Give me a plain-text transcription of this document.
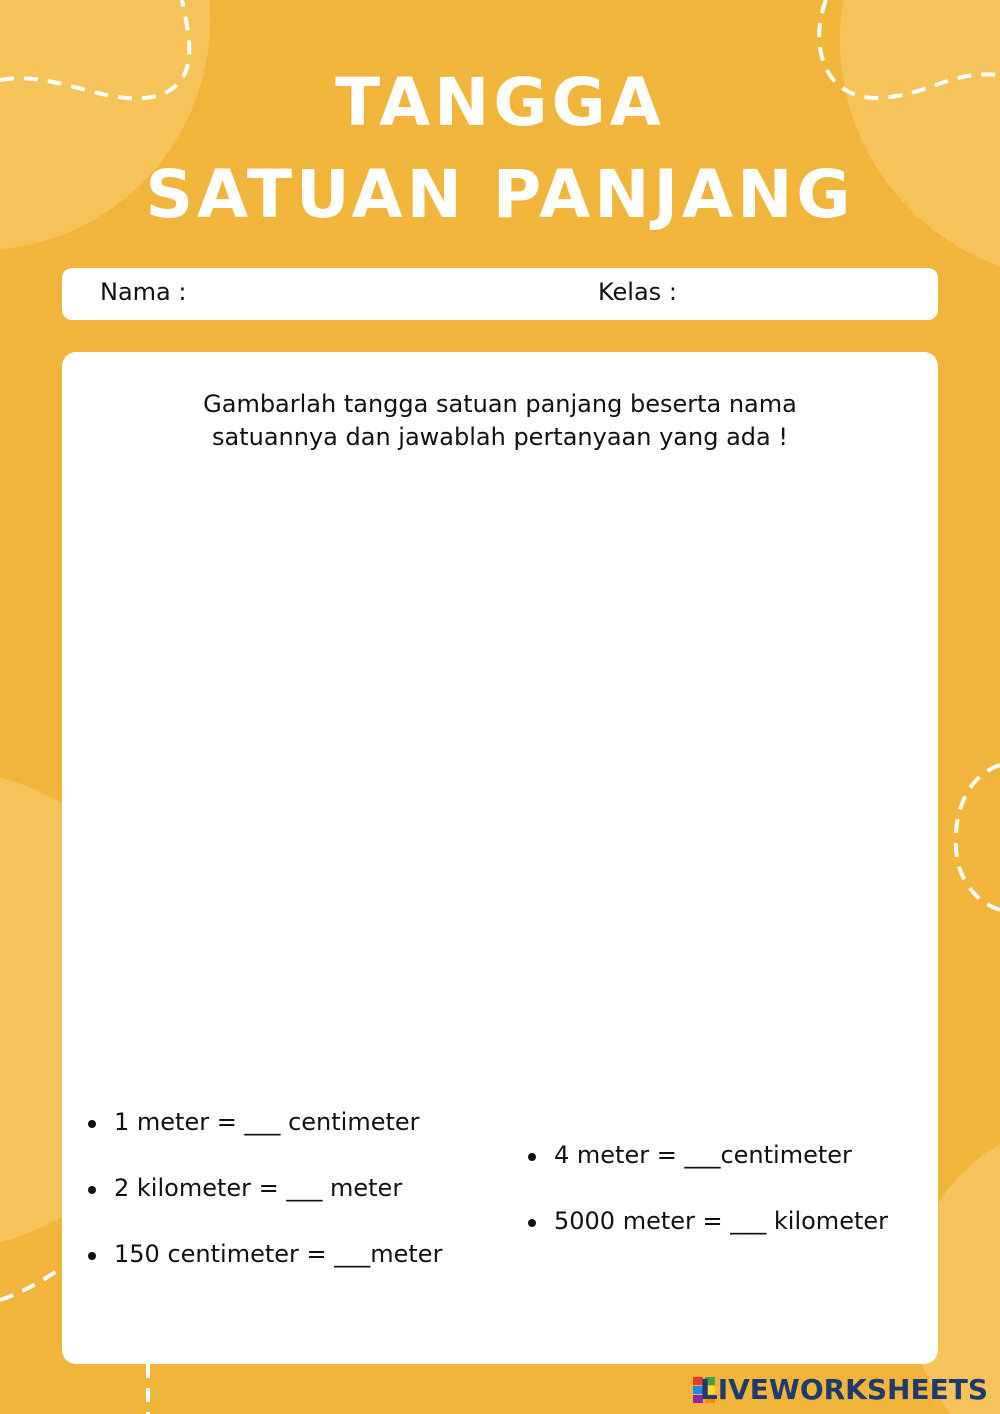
TANGGA
SATUAN PANJANG
Nama :	Kelas :
Gambarlah tangga satuan panjang beserta nama
satuannya dan jawablah pertanyaan yang ada !
1 meter = ___ centimeter
2 kilometer = ___ meter
150 centimeter = ___meter
4 meter = ___centimeter
5000 meter = ___ kilometer
LIVEWORKSHEETS
